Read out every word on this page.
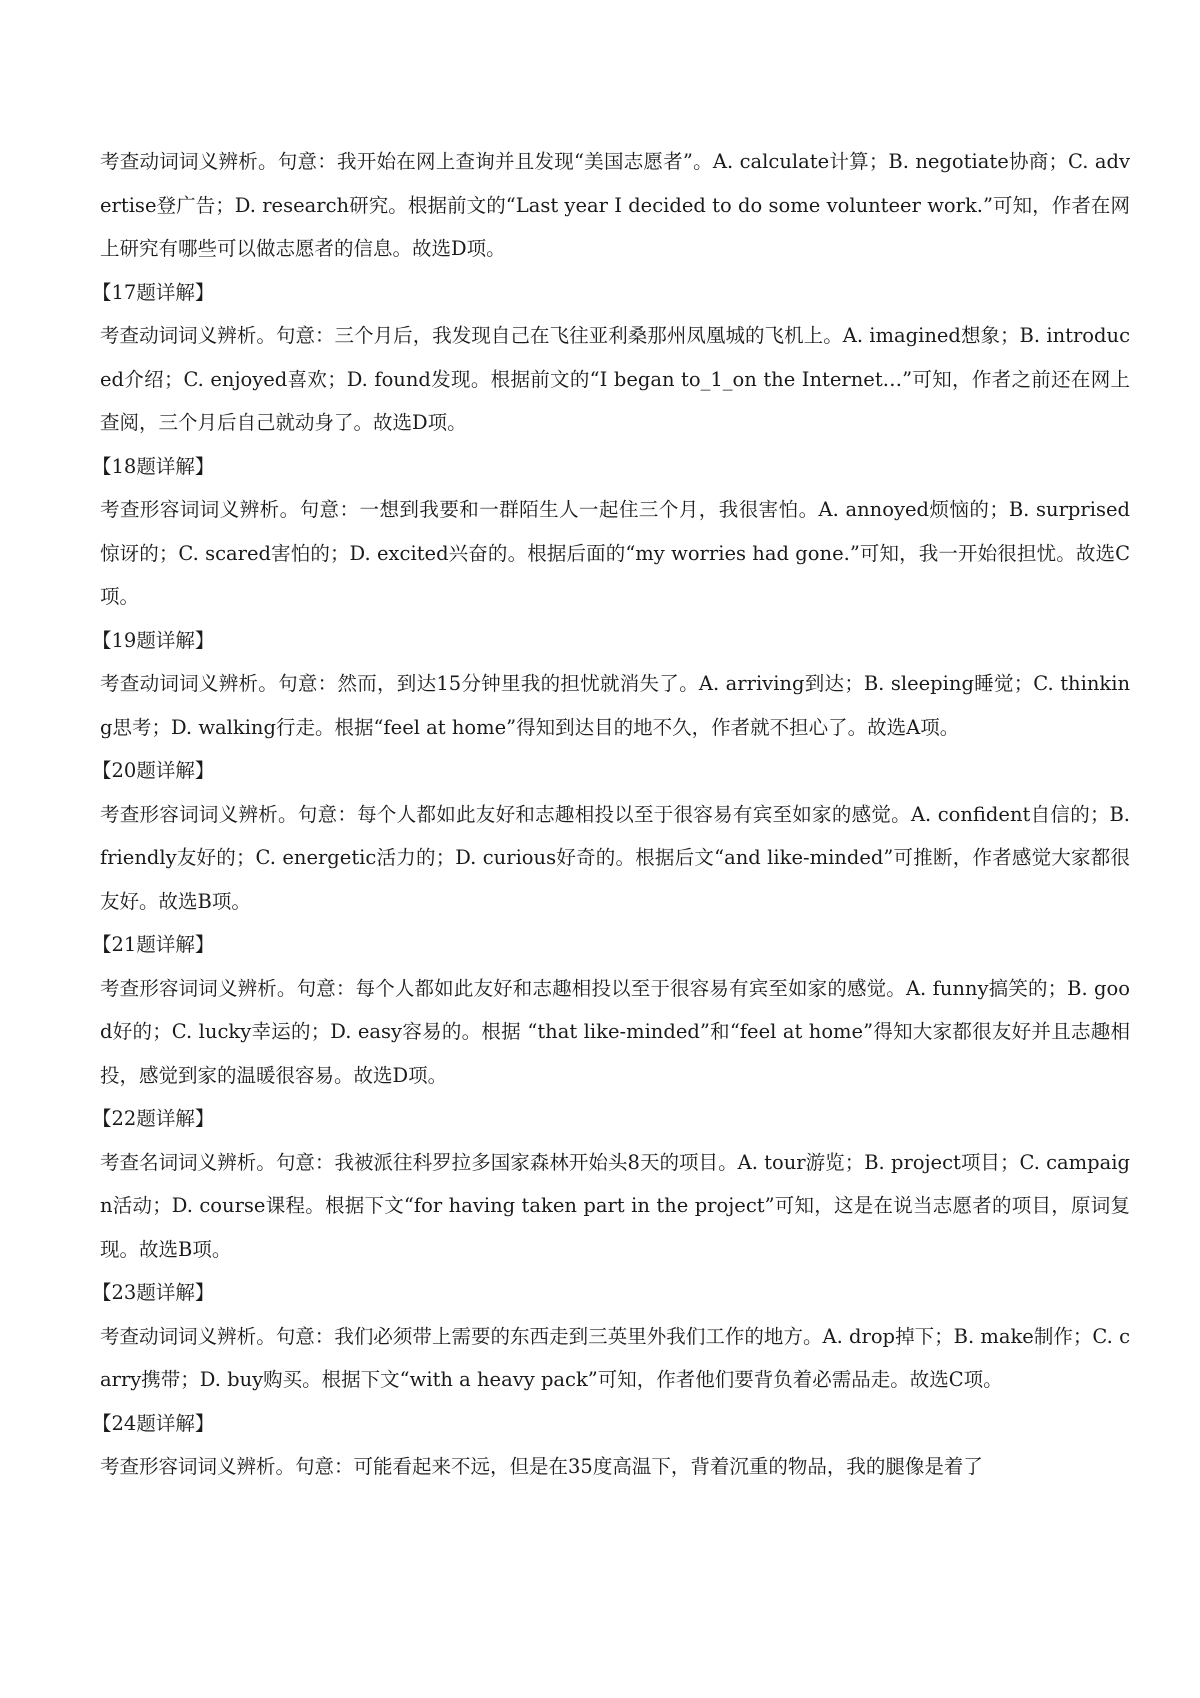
考查动词词义辨析。句意：我开始在网上查询并且发现“美国志愿者”。A. calculate计算；B. negotiate协商；C. advertise登广告；D. research研究。根据前文的“Last year I decided to do some volunteer work.”可知，作者在网上研究有哪些可以做志愿者的信息。故选D项。

【17题详解】

考查动词词义辨析。句意：三个月后，我发现自己在飞往亚利桑那州凤凰城的飞机上。A. imagined想象；B. introduced介绍；C. enjoyed喜欢；D. found发现。根据前文的“I began to_1_on the Internet…”可知，作者之前还在网上查阅，三个月后自己就动身了。故选D项。

【18题详解】

考查形容词词义辨析。句意：一想到我要和一群陌生人一起住三个月，我很害怕。A. annoyed烦恼的；B. surprised惊讶的；C. scared害怕的；D. excited兴奋的。根据后面的“my worries had gone.”可知，我一开始很担忧。故选C项。

【19题详解】

考查动词词义辨析。句意：然而，到达15分钟里我的担忧就消失了。A. arriving到达；B. sleeping睡觉；C. thinking思考；D. walking行走。根据“feel at home”得知到达目的地不久，作者就不担心了。故选A项。

【20题详解】

考查形容词词义辨析。句意：每个人都如此友好和志趣相投以至于很容易有宾至如家的感觉。A. confident自信的；B. friendly友好的；C. energetic活力的；D. curious好奇的。根据后文“and like-minded”可推断，作者感觉大家都很友好。故选B项。

【21题详解】

考查形容词词义辨析。句意：每个人都如此友好和志趣相投以至于很容易有宾至如家的感觉。A. funny搞笑的；B. good好的；C. lucky幸运的；D. easy容易的。根据 “that like-minded”和“feel at home”得知大家都很友好并且志趣相投，感觉到家的温暖很容易。故选D项。

【22题详解】

考查名词词义辨析。句意：我被派往科罗拉多国家森林开始头8天的项目。A. tour游览；B. project项目；C. campaign活动；D. course课程。根据下文“for having taken part in the project”可知，这是在说当志愿者的项目，原词复现。故选B项。

【23题详解】

考查动词词义辨析。句意：我们必须带上需要的东西走到三英里外我们工作的地方。A. drop掉下；B. make制作；C. carry携带；D. buy购买。根据下文“with a heavy pack”可知，作者他们要背负着必需品走。故选C项。

【24题详解】

考查形容词词义辨析。句意：可能看起来不远，但是在35度高温下，背着沉重的物品，我的腿像是着了
